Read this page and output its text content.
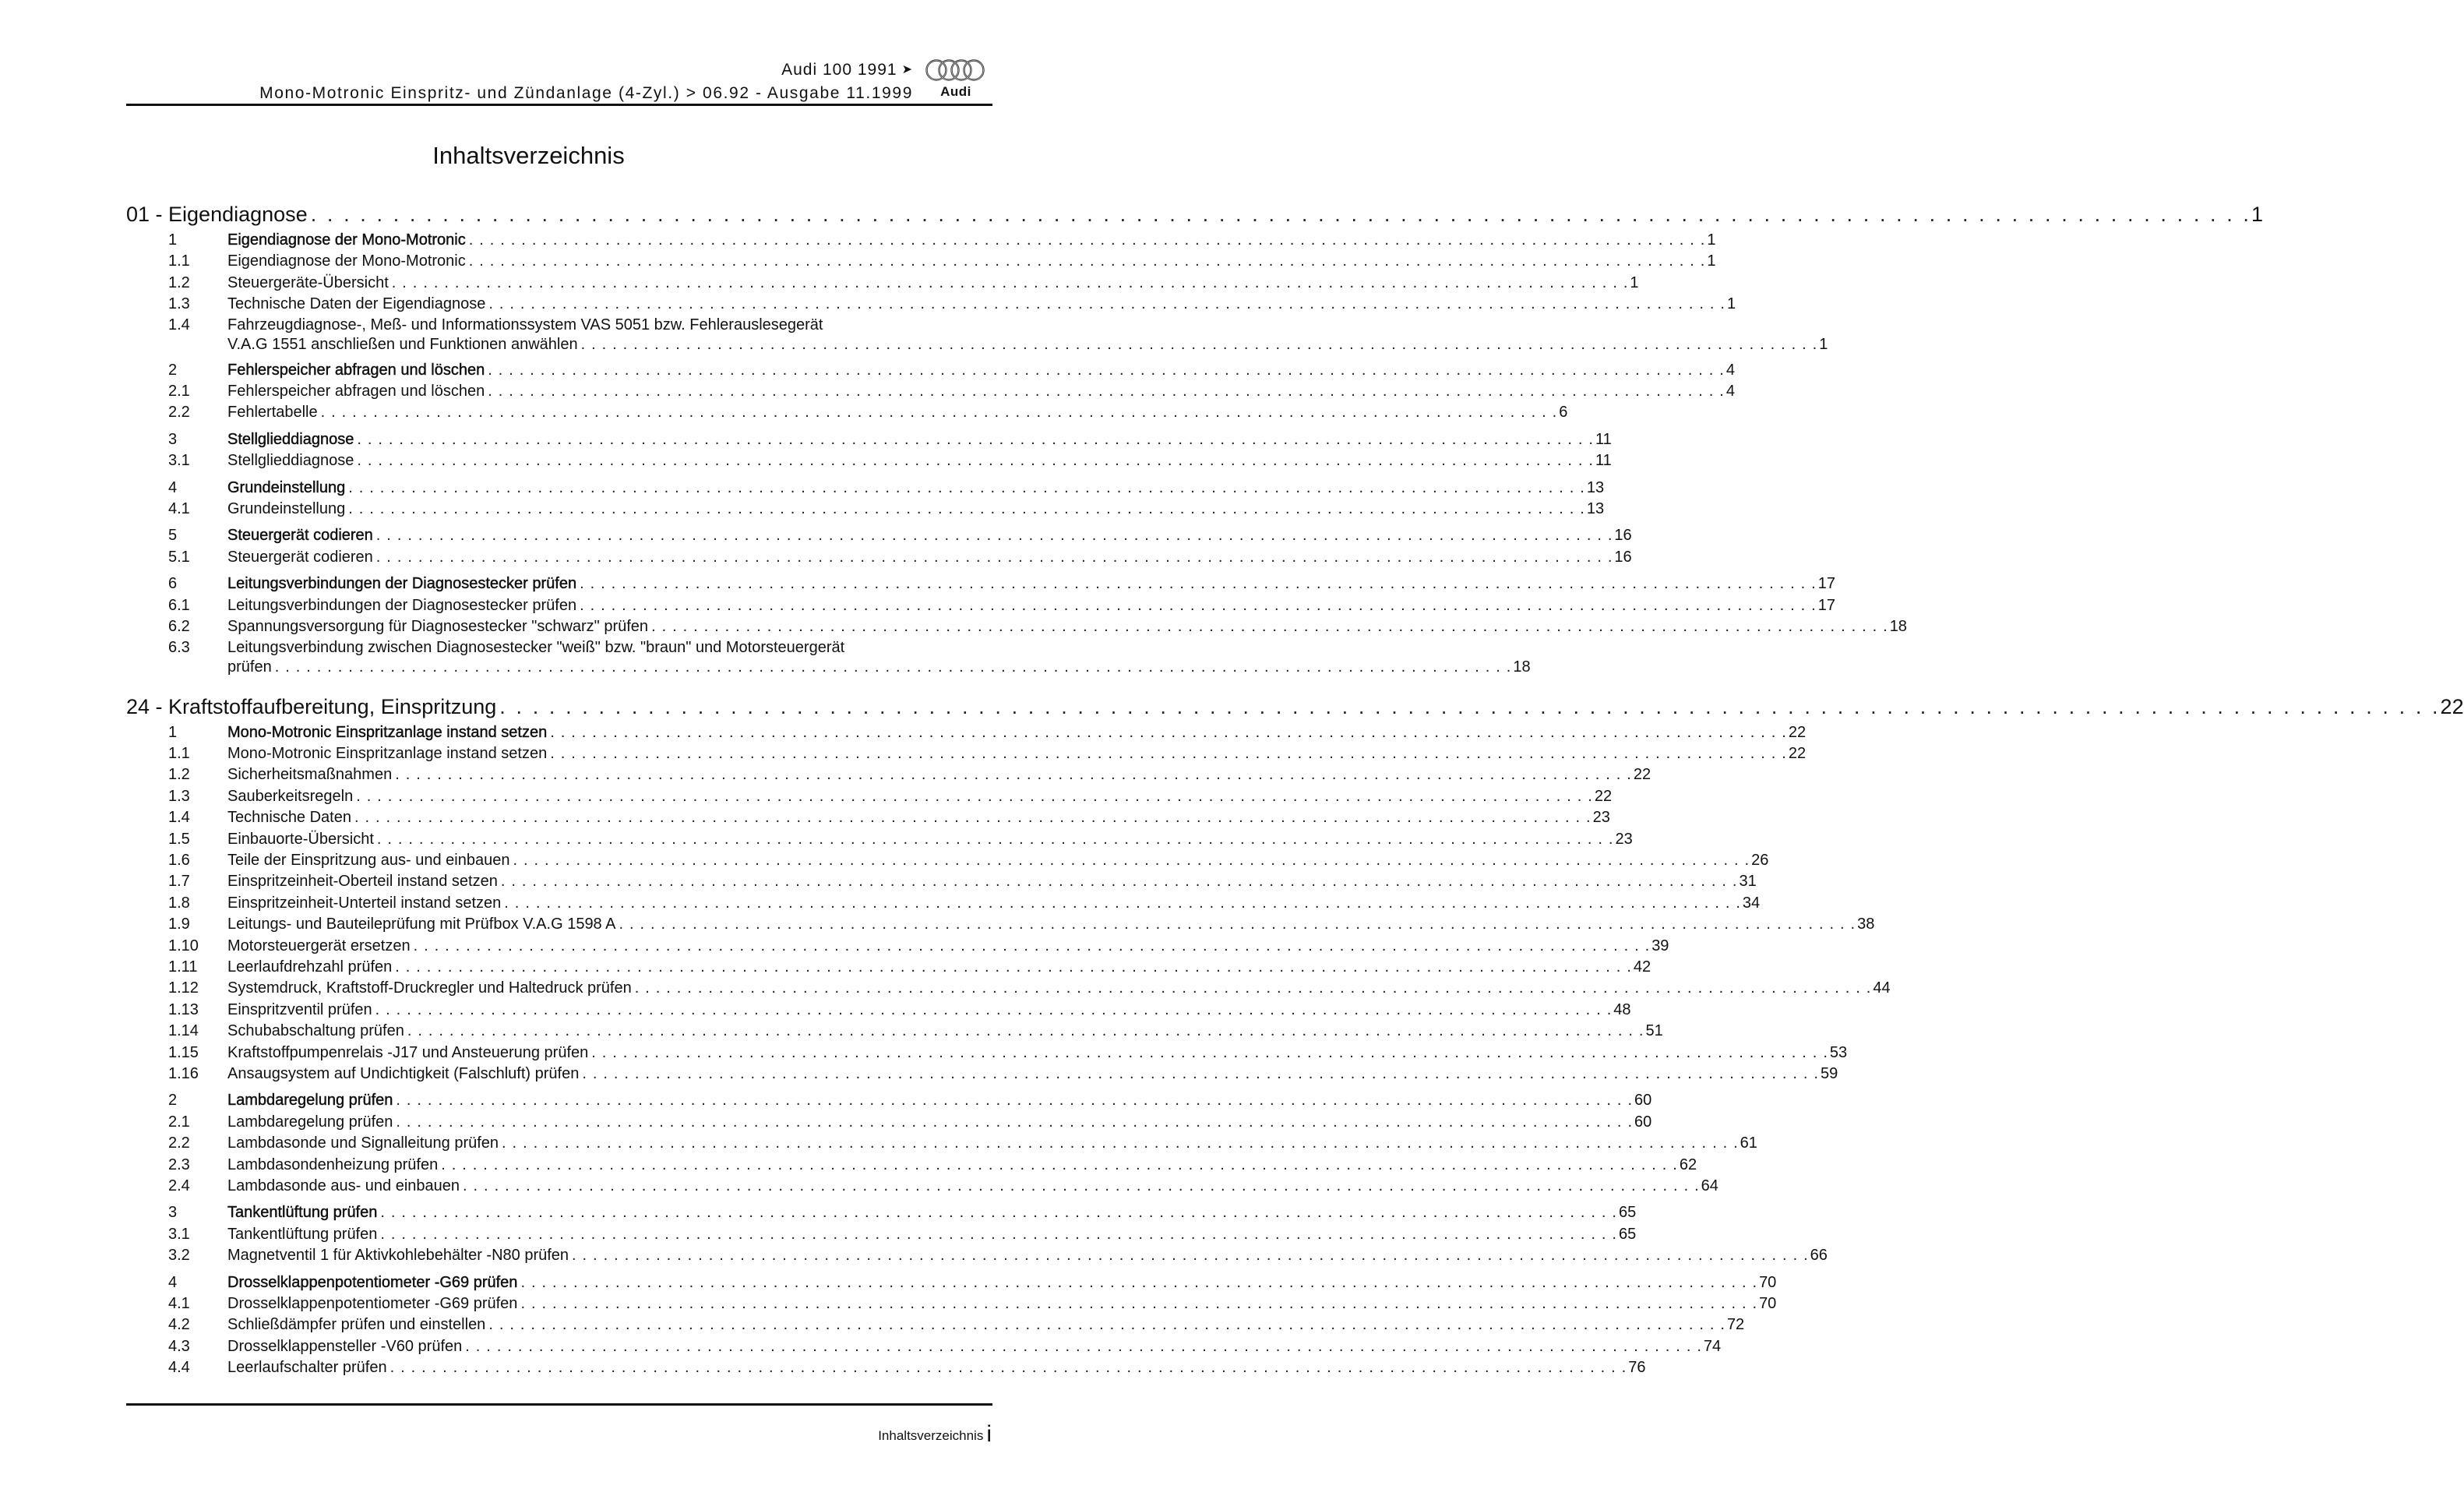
Audi 100 1991 ➤
Mono-Motronic Einspritz- und Zündanlage (4-Zyl.) > 06.92 - Ausgabe 11.1999	Audi
Inhaltsverzeichnis
01 - Eigendiagnose . . .	1
1	Eigendiagnose der Mono-Motronic . . .	1
1.1	Eigendiagnose der Mono-Motronic . . .	1
1.2	Steuergeräte-Übersicht . . .	1
1.3	Technische Daten der Eigendiagnose . . .	1
1.4	Fahrzeugdiagnose-, Meß- und Informationssystem VAS 5051 bzw. Fehlerauslesegerät
V.A.G 1551 anschließen und Funktionen anwählen . . .	1
2	Fehlerspeicher abfragen und löschen . . .	4
2.1	Fehlerspeicher abfragen und löschen . . .	4
2.2	Fehlertabelle . . .	6
3	Stellglieddiagnose . . .	11
3.1	Stellglieddiagnose . . .	11
4	Grundeinstellung . . .	13
4.1	Grundeinstellung . . .	13
5	Steuergerät codieren . . .	16
5.1	Steuergerät codieren . . .	16
6	Leitungsverbindungen der Diagnosestecker prüfen . . .	17
6.1	Leitungsverbindungen der Diagnosestecker prüfen . . .	17
6.2	Spannungsversorgung für Diagnosestecker "schwarz" prüfen . . .	18
6.3	Leitungsverbindung zwischen Diagnosestecker "weiß" bzw. "braun" und Motorsteuergerät
prüfen . . .	18
24 - Kraftstoffaufbereitung, Einspritzung . . .	22
1	Mono-Motronic Einspritzanlage instand setzen . . .	22
1.1	Mono-Motronic Einspritzanlage instand setzen . . .	22
1.2	Sicherheitsmaßnahmen . . .	22
1.3	Sauberkeitsregeln . . .	22
1.4	Technische Daten . . .	23
1.5	Einbauorte-Übersicht . . .	23
1.6	Teile der Einspritzung aus- und einbauen . . .	26
1.7	Einspritzeinheit-Oberteil instand setzen . . .	31
1.8	Einspritzeinheit-Unterteil instand setzen . . .	34
1.9	Leitungs- und Bauteileprüfung mit Prüfbox V.A.G 1598 A . . .	38
1.10	Motorsteuergerät ersetzen . . .	39
1.11	Leerlaufdrehzahl prüfen . . .	42
1.12	Systemdruck, Kraftstoff-Druckregler und Haltedruck prüfen . . .	44
1.13	Einspritzventil prüfen . . .	48
1.14	Schubabschaltung prüfen . . .	51
1.15	Kraftstoffpumpenrelais -J17 und Ansteuerung prüfen . . .	53
1.16	Ansaugsystem auf Undichtigkeit (Falschluft) prüfen . . .	59
2	Lambdaregelung prüfen . . .	60
2.1	Lambdaregelung prüfen . . .	60
2.2	Lambdasonde und Signalleitung prüfen . . .	61
2.3	Lambdasondenheizung prüfen . . .	62
2.4	Lambdasonde aus- und einbauen . . .	64
3	Tankentlüftung prüfen . . .	65
3.1	Tankentlüftung prüfen . . .	65
3.2	Magnetventil 1 für Aktivkohlebehälter -N80 prüfen . . .	66
4	Drosselklappenpotentiometer -G69 prüfen . . .	70
4.1	Drosselklappenpotentiometer -G69 prüfen . . .	70
4.2	Schließdämpfer prüfen und einstellen . . .	72
4.3	Drosselklappensteller -V60 prüfen . . .	74
4.4	Leerlaufschalter prüfen . . .	76
Inhaltsverzeichnis i
